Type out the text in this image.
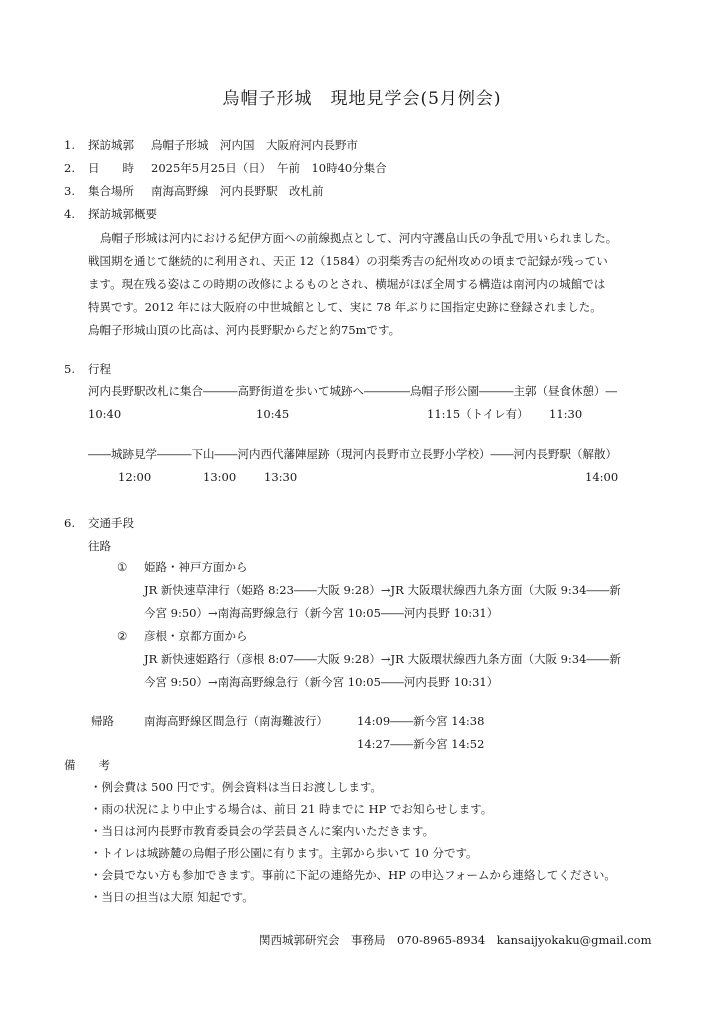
烏帽子形城　現地見学会(5月例会)
1. 探訪城郭 烏帽子形城　河内国　大阪府河内長野市
2. 日　　時 2025年5月25日（日）　午前　10時40分集合
3. 集合場所 南海高野線　河内長野駅　改札前
4. 探訪城郭概要
烏帽子形城は河内における紀伊方面への前線拠点として、河内守護畠山氏の争乱で用いられました。
戦国期を通じて継続的に利用され、天正 12（1584）の羽柴秀吉の紀州攻めの頃まで記録が残ってい
ます。現在残る姿はこの時期の改修によるものとされ、横堀がほぼ全周する構造は南河内の城館では
特異です。2012 年には大阪府の中世城館として、実に 78 年ぶりに国指定史跡に登録されました。
烏帽子形城山頂の比高は、河内長野駅からだと約75mです。
5. 行程
河内長野駅改札に集合―――高野街道を歩いて城跡へ――――烏帽子形公園―――主郭（昼食休憩）―
10:40	10:45	11:15（トイレ有） 11:30
――城跡見学―――下山――河内西代藩陣屋跡（現河内長野市立長野小学校）――河内長野駅（解散）
12:00	13:00 13:30	14:00
6. 交通手段
往路
① 姫路・神戸方面から
JR 新快速草津行（姫路 8:23――大阪 9:28）→JR 大阪環状線西九条方面（大阪 9:34――新
今宮 9:50）→南海高野線急行（新今宮 10:05――河内長野 10:31）
② 彦根・京都方面から
JR 新快速姫路行（彦根 8:07――大阪 9:28）→JR 大阪環状線西九条方面（大阪 9:34――新
今宮 9:50）→南海高野線急行（新今宮 10:05――河内長野 10:31）
帰路	南海高野線区間急行（南海難波行）	14:09――新今宮 14:38
14:27――新今宮 14:52
備　　考
・例会費は 500 円です。例会資料は当日お渡しします。
・雨の状況により中止する場合は、前日 21 時までに HP でお知らせします。
・当日は河内長野市教育委員会の学芸員さんに案内いただきます。
・トイレは城跡麓の烏帽子形公園に有ります。主郭から歩いて 10 分です。
・会員でない方も参加できます。事前に下記の連絡先か、HP の申込フォームから連絡してください。
・当日の担当は大原 知起です。
関西城郭研究会　事務局　070-8965-8934　kansaijyokaku@gmail.com
